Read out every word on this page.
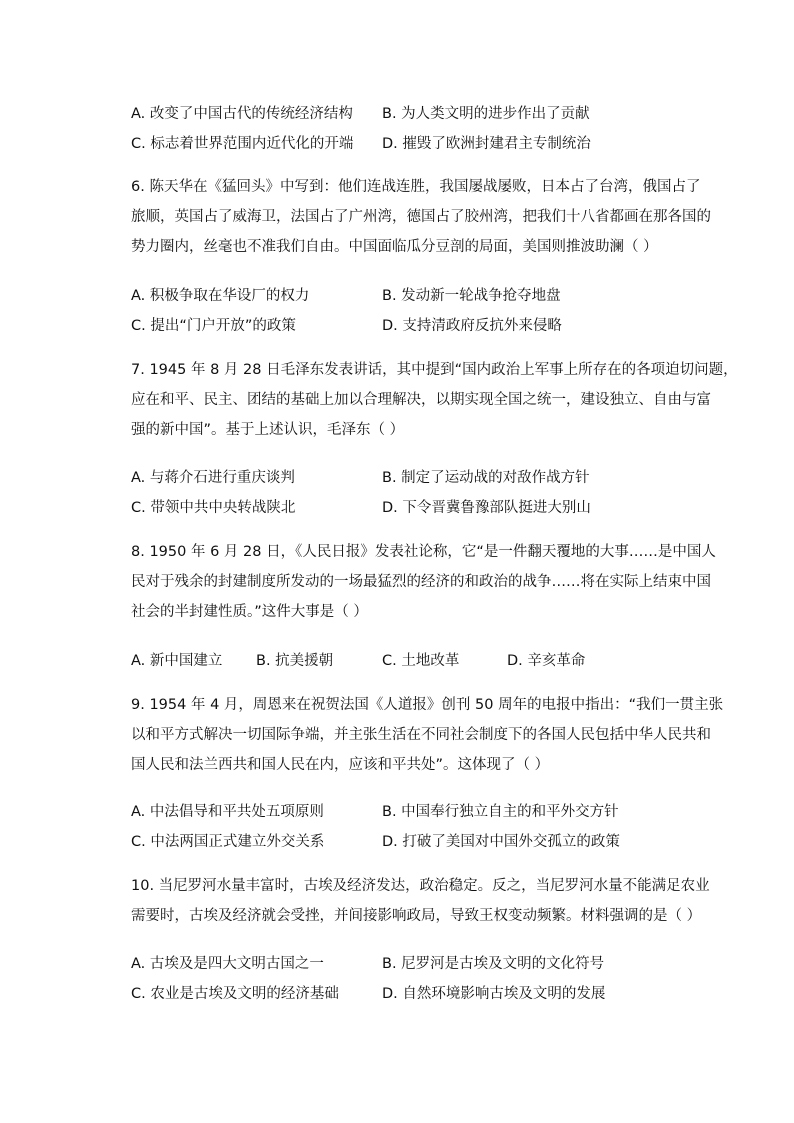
A. 改变了中国古代的传统经济结构 B. 为人类文明的进步作出了贡献
C. 标志着世界范围内近代化的开端 D. 摧毁了欧洲封建君主专制统治
6. 陈天华在《猛回头》中写到：他们连战连胜，我国屡战屡败，日本占了台湾，俄国占了
旅顺，英国占了威海卫，法国占了广州湾，德国占了胶州湾，把我们十八省都画在那各国的
势力圈内，丝毫也不准我们自由。中国面临瓜分豆剖的局面，美国则推波助澜（ ）
A. 积极争取在华设厂的权力	B. 发动新一轮战争抢夺地盘
C. 提出“门户开放”的政策	D. 支持清政府反抗外来侵略
7. 1945 年 8 月 28 日毛泽东发表讲话，其中提到“国内政治上军事上所存在的各项迫切问题，
应在和平、民主、团结的基础上加以合理解决，以期实现全国之统一，建设独立、自由与富
强的新中国”。基于上述认识，毛泽东（ ）
A. 与蒋介石进行重庆谈判	B. 制定了运动战的对敌作战方针
C. 带领中共中央转战陕北	D. 下令晋冀鲁豫部队挺进大别山
8. 1950 年 6 月 28 日，《人民日报》发表社论称，它“是一件翻天覆地的大事……是中国人
民对于残余的封建制度所发动的一场最猛烈的经济的和政治的战争……将在实际上结束中国
社会的半封建性质。”这件大事是（ ）
A. 新中国建立 B. 抗美援朝	C. 土地改革	D. 辛亥革命
9. 1954 年 4 月，周恩来在祝贺法国《人道报》创刊 50 周年的电报中指出：“我们一贯主张
以和平方式解决一切国际争端，并主张生活在不同社会制度下的各国人民包括中华人民共和
国人民和法兰西共和国人民在内，应该和平共处”。这体现了（ ）
A. 中法倡导和平共处五项原则	B. 中国奉行独立自主的和平外交方针
C. 中法两国正式建立外交关系	D. 打破了美国对中国外交孤立的政策
10. 当尼罗河水量丰富时，古埃及经济发达，政治稳定。反之，当尼罗河水量不能满足农业
需要时，古埃及经济就会受挫，并间接影响政局，导致王权变动频繁。材料强调的是（ ）
A. 古埃及是四大文明古国之一	B. 尼罗河是古埃及文明的文化符号
C. 农业是古埃及文明的经济基础	D. 自然环境影响古埃及文明的发展
